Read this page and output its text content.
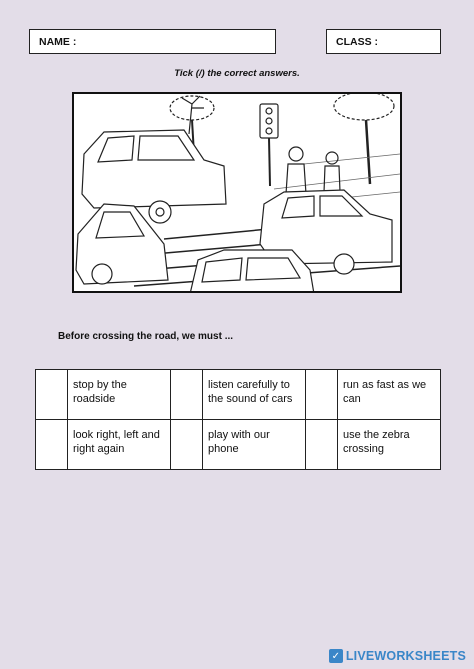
NAME :	CLASS :
Tick (/) the correct answers.
Before crossing the road, we must ...
	stop by the roadside		listen carefully to the sound of cars		run as fast as we can
	look right, left and right again		play with our phone		use the zebra crossing
✓ LIVEWORKSHEETS
